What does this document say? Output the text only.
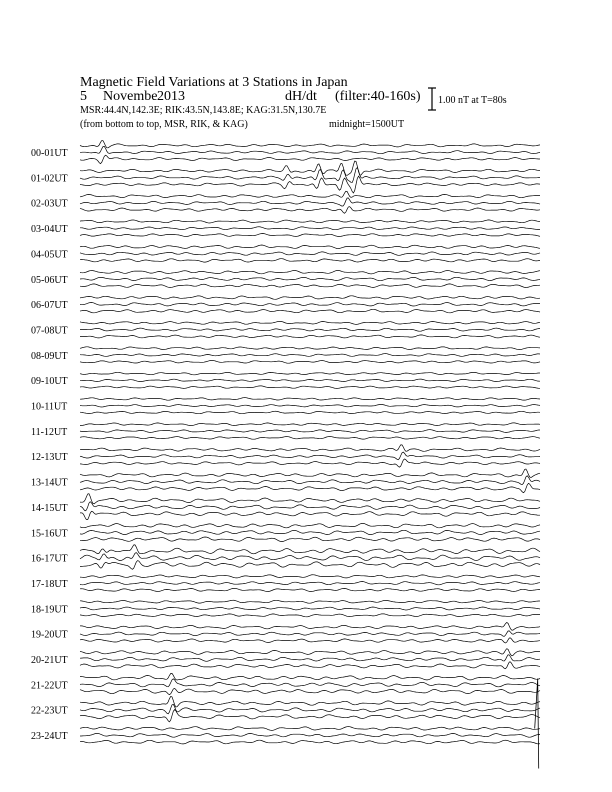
Magnetic Field Variations at 3 Stations in Japan
5 Novembe 2013	dH/dt (filter:40-160s)
MSR:44.4N,142.3E; RIK:43.5N,143.8E; KAG:31.5N,130.7E
(from bottom to top, MSR, RIK, & KAG)	midnight=1500UT
1.00 nT at T=80s
00-01UT
01-02UT
02-03UT
03-04UT
04-05UT
05-06UT
06-07UT
07-08UT
08-09UT
09-10UT
10-11UT
11-12UT
12-13UT
13-14UT
14-15UT
15-16UT
16-17UT
17-18UT
18-19UT
19-20UT
20-21UT
21-22UT
22-23UT
23-24UT
